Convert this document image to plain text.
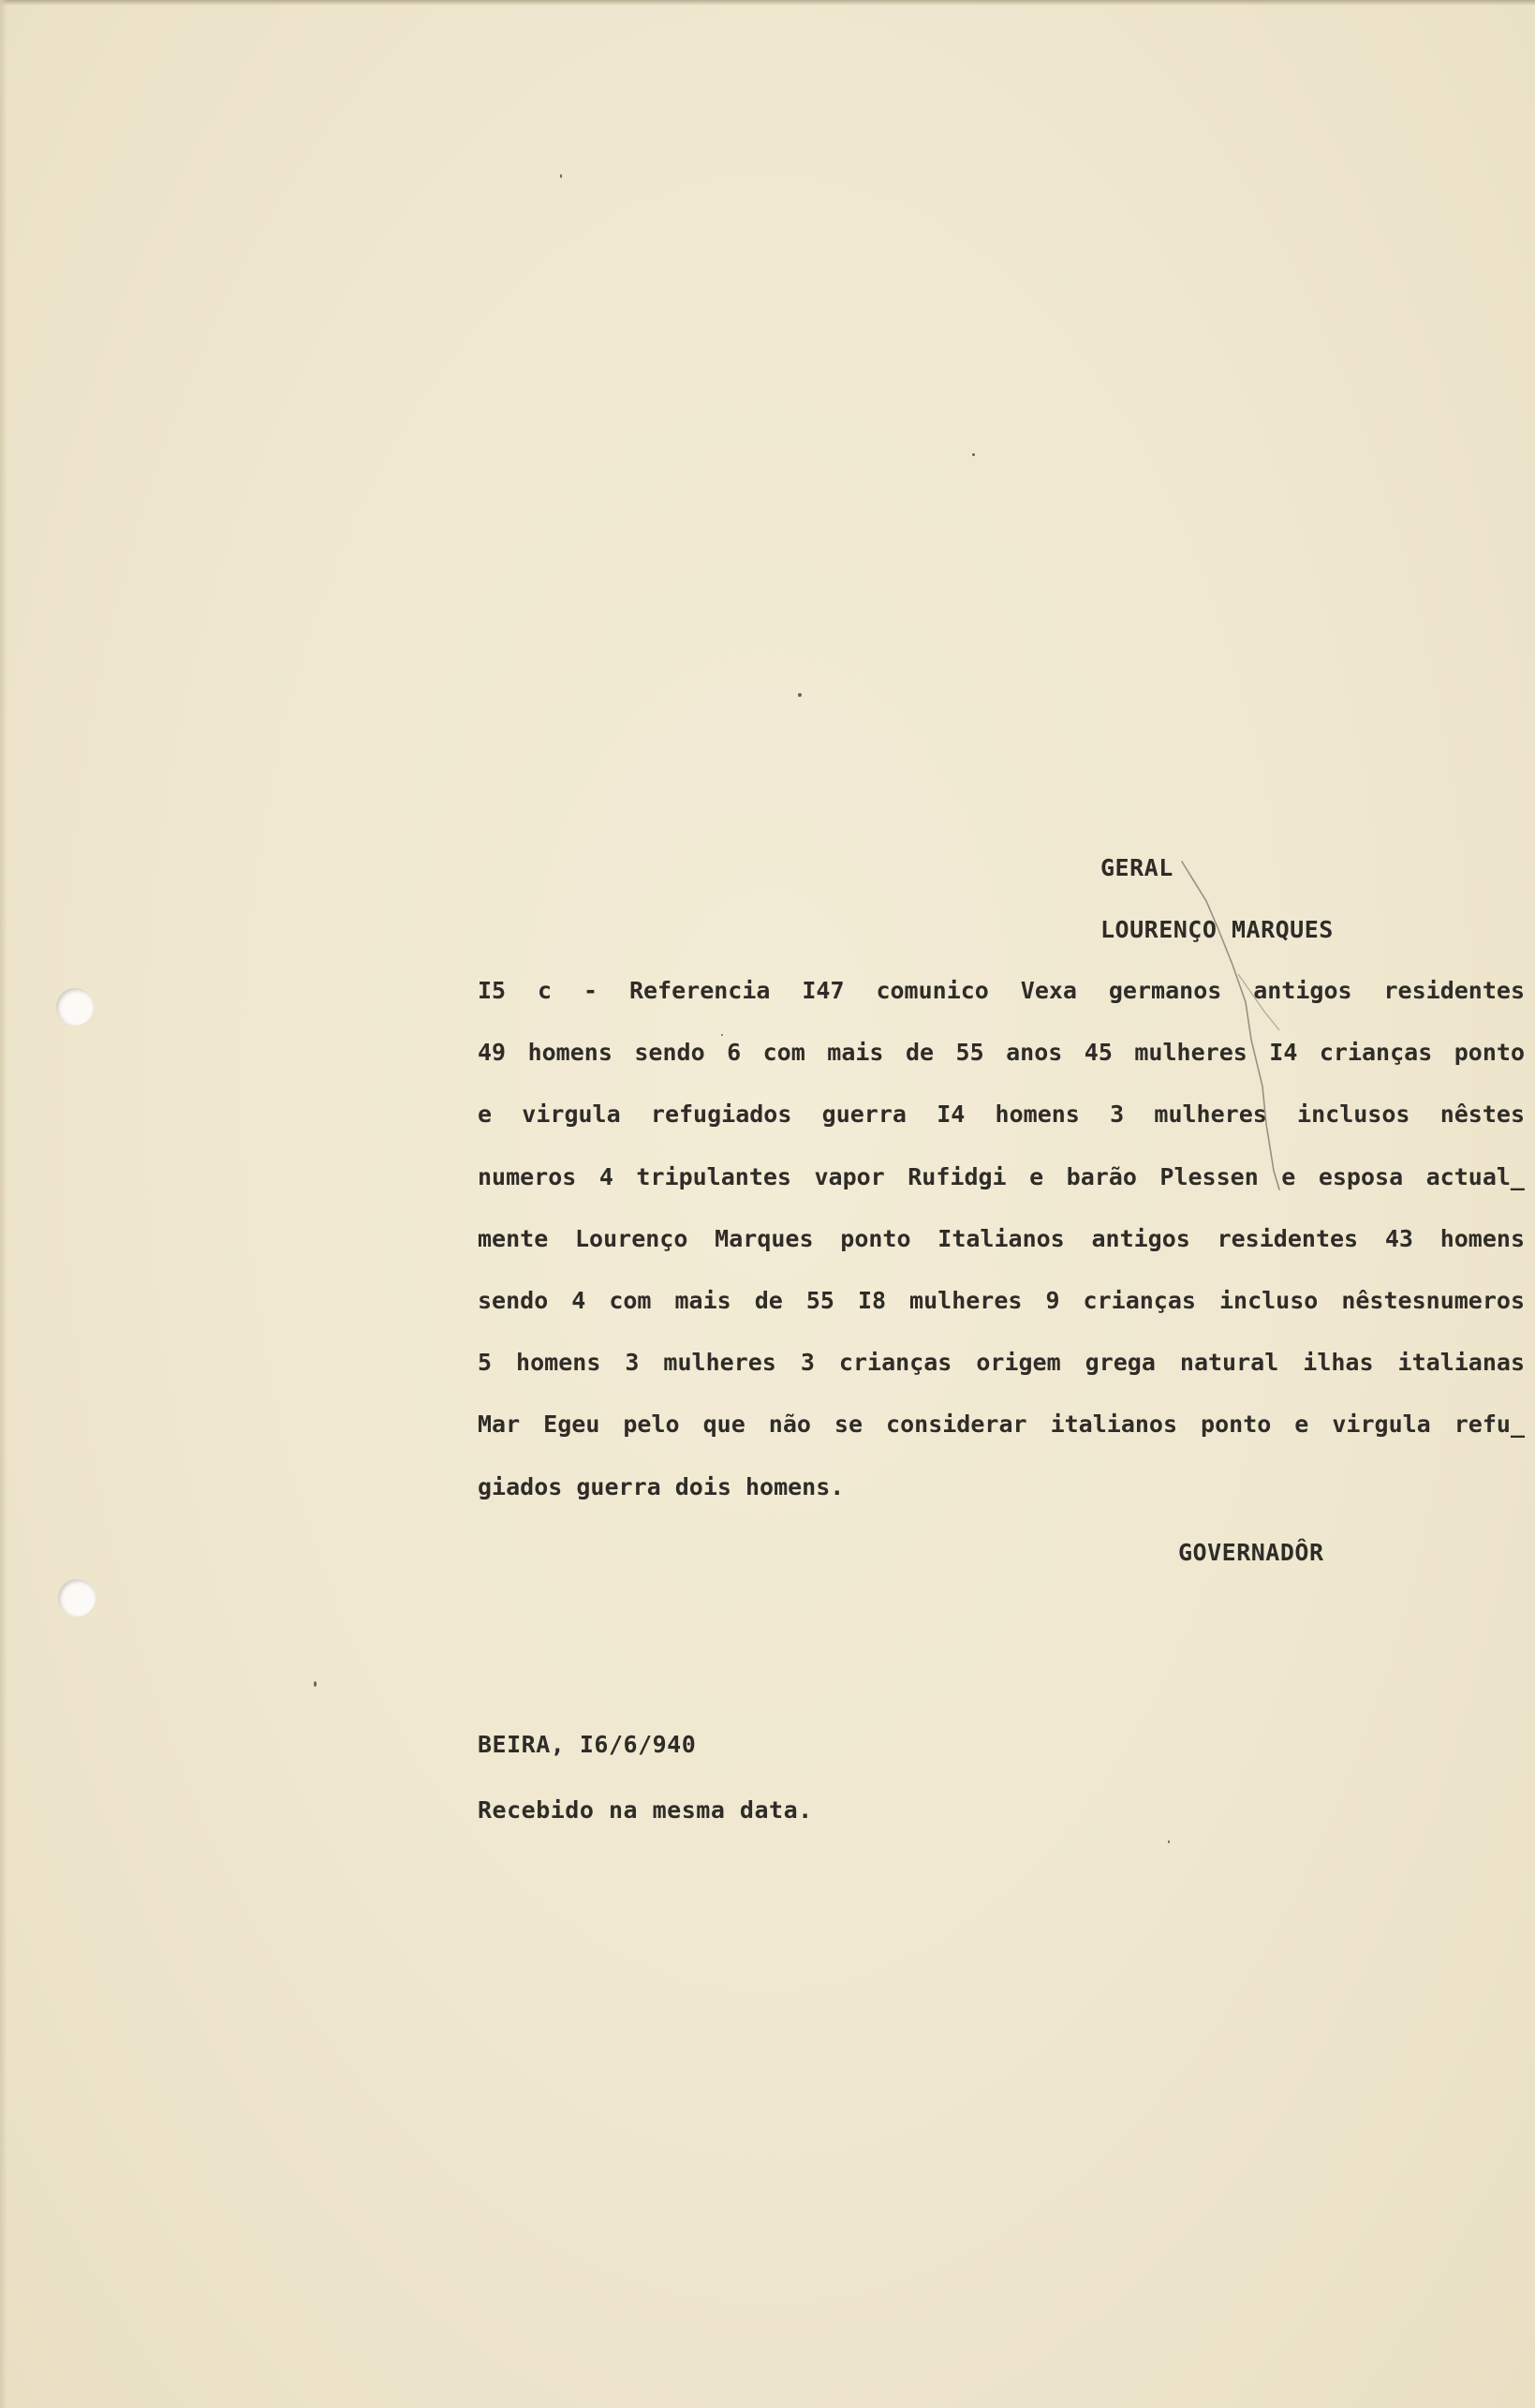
GERAL
LOURENÇO MARQUES
I5 c - Referencia I47 comunico Vexa germanos antigos residentes
49 homens sendo 6 com mais de 55 anos 45 mulheres I4 crianças ponto
e virgula refugiados guerra I4 homens 3 mulheres inclusos nêstes
numeros 4 tripulantes vapor Rufidgi e barão Plessen e esposa actual_
mente Lourenço Marques ponto Italianos antigos residentes 43 homens
sendo 4 com mais de 55 I8 mulheres 9 crianças incluso nêstesnumeros
5 homens 3 mulheres 3 crianças origem grega natural ilhas italianas
Mar Egeu pelo que não se considerar italianos ponto e virgula refu_
giados guerra dois homens.
GOVERNADÔR
BEIRA, I6/6/940
Recebido na mesma data.
